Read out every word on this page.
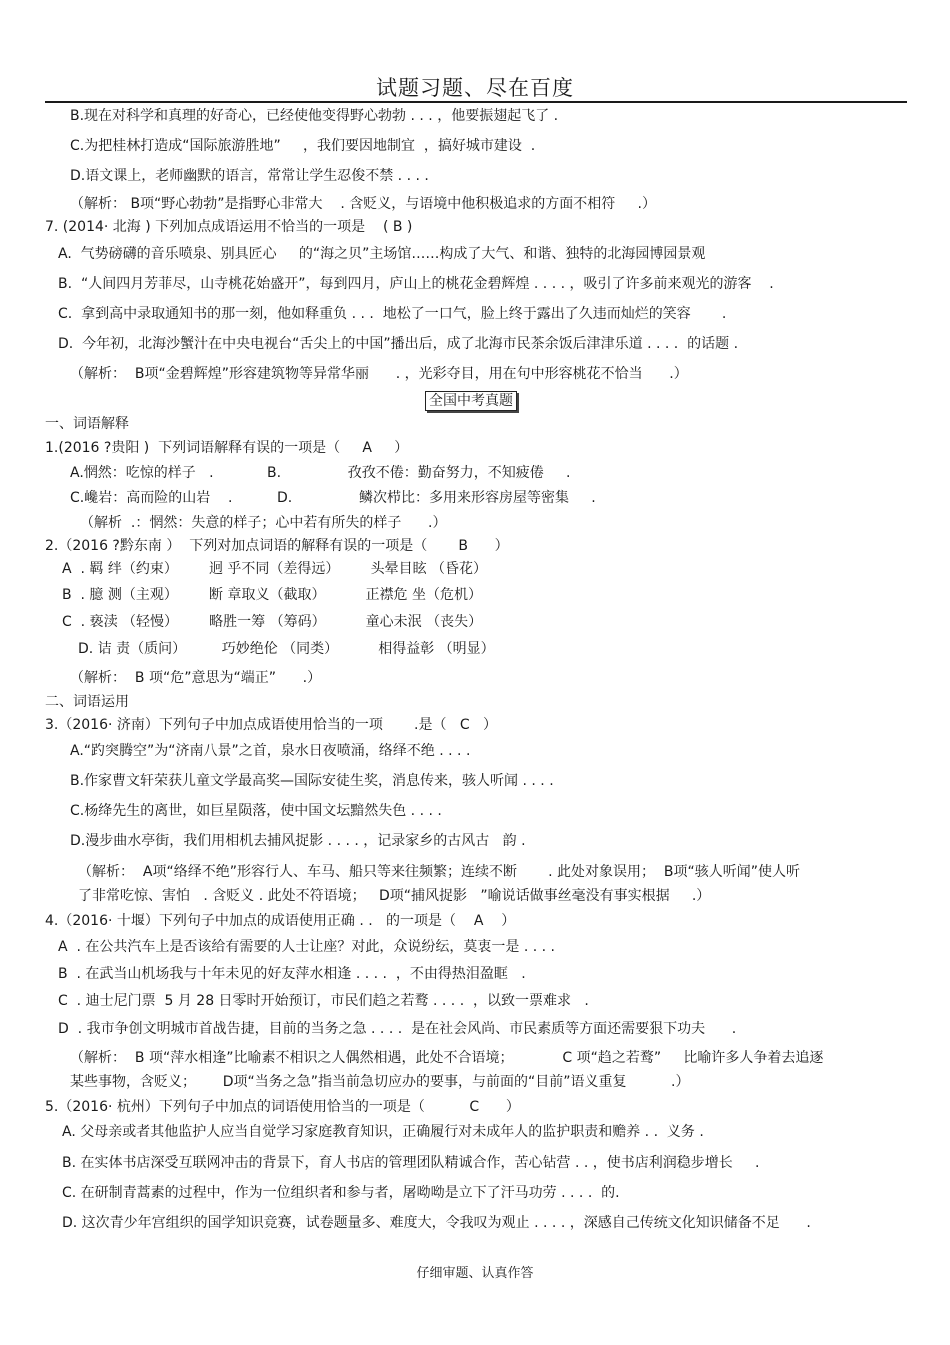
试题习题、尽在百度
B.现在对科学和真理的好奇心，已经使他变得野心勃勃 . . . ，他要振翅起飞了 .
C.为把桂林打造成“国际旅游胜地”     ，我们要因地制宜  ，搞好城市建设  .
D.语文课上，老师幽默的语言，常常让学生忍俊不禁 . . . .
（解析： B项“野心勃勃”是指野心非常大    . 含贬义，与语境中他积极追求的方面不相符     .）
7. (2014· 北海 ) 下列加点成语运用不恰当的一项是    ( B )
A.  气势磅礴的音乐喷泉、别具匠心     的“海之贝”主场馆……构成了大气、和谐、独特的北海园博园景观
B.  “人间四月芳菲尽，山寺桃花始盛开”，每到四月，庐山上的桃花金碧辉煌 . . . . ，吸引了许多前来观光的游客    .
C.  拿到高中录取通知书的那一刻，他如释重负 . . .  地松了一口气，脸上终于露出了久违而灿烂的笑容       .
D.  今年初，北海沙蟹汁在中央电视台“舌尖上的中国”播出后，成了北海市民茶余饭后津津乐道 . . . .  的话题 .
（解析：  B项“金碧辉煌”形容建筑物等异常华丽      . ，光彩夺目，用在句中形容桃花不恰当      .）
全国中考真题
一、词语解释
1.(2016 ?贵阳 )  下列词语解释有误的一项是（     A     ）
A.惘然：吃惊的样子   .            B.               孜孜不倦：勤奋努力，不知疲倦     .
C.巉岩：高而险的山岩    .          D.               鳞次栉比：多用来形容房屋等密集     .
（解析  .：惘然：失意的样子；心中若有所失的样子      .）
2.（2016 ?黔东南 ）  下列对加点词语的解释有误的一项是（       B      ）
A  . 羁 绊（约束）       迥 乎不同（差得远）       头晕目眩 （昏花）
B  . 臆 测（主观）       断 章取义（截取）         正襟危 坐（危机）
C  . 亵渎 （轻慢）       略胜一筹 （筹码）         童心未泯 （丧失）
D. 诘 责（质问）        巧妙绝伦 （同类）         相得益彰 （明显）
（解析：  B 项“危”意思为“端正”      .）
二、词语运用
3.（2016· 济南）下列句子中加点成语使用恰当的一项       .是（   C   ）
A.“趵突腾空”为“济南八景”之首，泉水日夜喷涌，络绎不绝 . . . .
B.作家曹文轩荣获儿童文学最高奖—国际安徒生奖，消息传来，骇人听闻 . . . .
C.杨绛先生的离世，如巨星陨落，使中国文坛黯然失色 . . . .
D.漫步曲水亭街，我们用相机去捕风捉影 . . . . ，记录家乡的古风古   韵 .
（解析：  A项“络绎不绝”形容行人、车马、船只等来往频繁；连续不断       . 此处对象误用；  B项“骇人听闻”使人听
了非常吃惊、害怕   . 含贬义 . 此处不符语境；   D项“捕风捉影   ”喻说话做事丝毫没有事实根据     .）
4.（2016· 十堰）下列句子中加点的成语使用正确 . .   的一项是（    A    ）
A  . 在公共汽车上是否该给有需要的人士让座？对此，众说纷纭，莫衷一是 . . . .
B  . 在武当山机场我与十年未见的好友萍水相逢 . . . .  ，不由得热泪盈眶   .
C  . 迪士尼门票  5 月 28 日零时开始预订，市民们趋之若鹜 . . . .  ，以致一票难求   .
D  . 我市争创文明城市首战告捷，目前的当务之急 . . . .  是在社会风尚、市民素质等方面还需要狠下功夫      .
（解析：  B 项“萍水相逢”比喻素不相识之人偶然相遇，此处不合语境；           C 项“趋之若鹜”     比喻许多人争着去追逐
某些事物，含贬义；      D项“当务之急”指当前急切应办的要事，与前面的“目前”语义重复          .）
5.（2016· 杭州）下列句子中加点的词语使用恰当的一项是（          C      ）
A. 父母亲或者其他监护人应当自觉学习家庭教育知识，正确履行对未成年人的监护职责和赡养 . .  义务 .
B. 在实体书店深受互联网冲击的背景下，育人书店的管理团队精诚合作，苦心钻营 . . ，使书店利润稳步增长     .
C. 在研制青蒿素的过程中，作为一位组织者和参与者，屠呦呦是立下了汗马功劳 . . . .  的.
D. 这次青少年宫组织的国学知识竞赛，试卷题量多、难度大，令我叹为观止 . . . . ，深感自己传统文化知识储备不足      .
仔细审题、认真作答
